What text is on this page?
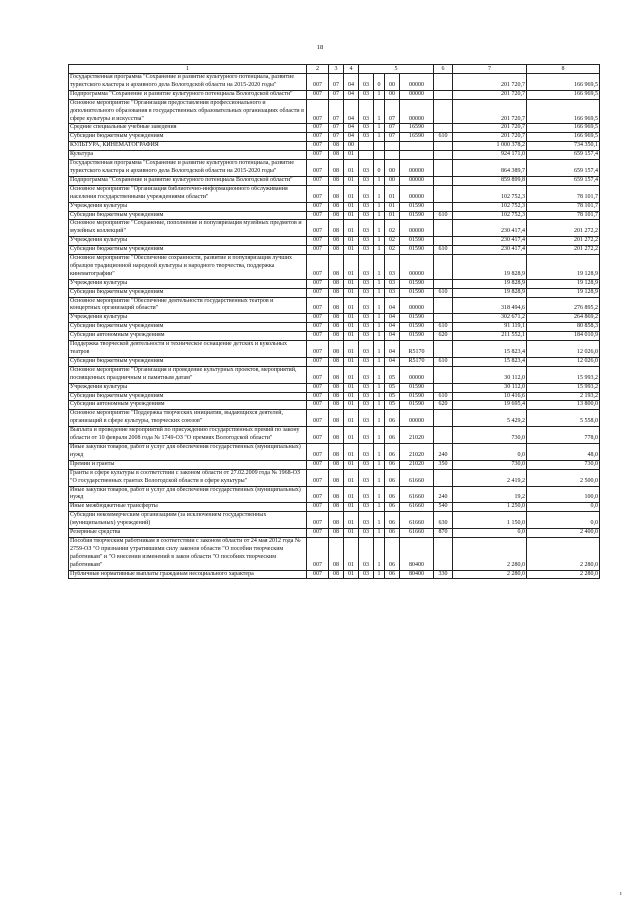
18
1	2	3	4	5				6	7	8
Государственная программа "Сохранение и развитие культурного потенциала, развитие туристского кластера и архивного дела Вологодской области на 2015-2020 годы"	007	07	04	03	0	00	00000		201 720,7	166 969,5
Подпрограмма "Сохранение и развитие культурного потенциала Вологодской области"	007	07	04	03	1	00	00000		201 720,7	166 969,5
Основное мероприятие "Организация предоставления профессионального и дополнительного образования в государственных образовательных организациях области в сфере культуры и искусства"	007	07	04	03	1	07	00000		201 720,7	166 969,5
Средние специальные учебные заведения	007	07	04	03	1	07	16590		201 720,7	166 969,5
Субсидии бюджетным учреждениям	007	07	04	03	1	07	16590	610	201 720,7	166 969,5
КУЛЬТУРА, КИНЕМАТОГРАФИЯ	007	08	00						1 000 378,2	734 350,1
Культура	007	08	01						924 171,0	659 157,4
Государственная программа "Сохранение и развитие культурного потенциала, развитие туристского кластера и архивного дела Вологодской области на 2015-2020 годы"	007	08	01	03	0	00	00000		864 389,7	659 157,4
Подпрограмма "Сохранение и развитие культурного потенциала Вологодской области"	007	08	01	03	1	00	00000		859 899,8	659 157,4
Основное мероприятие "Организация библиотечно-информационного обслуживания населения государственными учреждениями области"	007	08	01	03	1	01	00000		102 752,3	78 101,7
Учреждения культуры	007	08	01	03	1	01	01590		102 752,3	78 101,7
Субсидии бюджетным учреждениям	007	08	01	03	1	01	01590	610	102 752,3	78 101,7
Основное мероприятие "Сохранение, пополнение и популяризация музейных предметов и музейных коллекций"	007	08	01	03	1	02	00000		230 417,4	201 272,2
Учреждения культуры	007	08	01	03	1	02	01590		230 417,4	201 272,2
Субсидии бюджетным учреждениям	007	08	01	03	1	02	01590	610	230 417,4	201 272,2
Основное мероприятие "Обеспечение сохранности, развитие и популяризация лучших образцов традиционной народной культуры и народного творчества, поддержка кинематографии"	007	08	01	03	1	03	00000		19 828,9	19 128,9
Учреждения культуры	007	08	01	03	1	03	01590		19 828,9	19 128,9
Субсидии бюджетным учреждениям	007	08	01	03	1	03	01590	610	19 828,9	19 128,9
Основное мероприятие "Обеспечение деятельности государственных театров и концертных организаций области"	007	08	01	03	1	04	00000		318 494,6	276 895,2
Учреждения культуры	007	08	01	03	1	04	01590		302 671,2	264 869,2
Субсидии бюджетным учреждениям	007	08	01	03	1	04	01590	610	91 119,1	80 858,3
Субсидии автономным учреждениям	007	08	01	03	1	04	01590	620	211 552,1	184 010,9
Поддержка творческой деятельности и техническое оснащение детских и кукольных театров	007	08	01	03	1	04	R5170		15 823,4	12 026,0
Субсидии бюджетным учреждениям	007	08	01	03	1	04	R5170	610	15 823,4	12 026,0
Основное мероприятие "Организация и проведение культурных проектов, мероприятий, посвященных праздничным и памятным датам"	007	08	01	03	1	05	00000		30 112,0	15 993,2
Учреждения культуры	007	08	01	03	1	05	01590		30 112,0	15 993,2
Субсидии бюджетным учреждениям	007	08	01	03	1	05	01590	610	10 416,6	2 193,2
Субсидии автономным учреждениям	007	08	01	03	1	05	01590	620	19 695,4	13 800,0
Основное мероприятие "Поддержка творческих инициатив, выдающихся деятелей, организаций в сфере культуры, творческих союзов"	007	08	01	03	1	06	00000		5 429,2	5 558,0
Выплата и проведение мероприятий по присуждению государственных премий по закону области от 10 февраля 2008 года № 1749-ОЗ "О премиях Вологодской области"	007	08	01	03	1	06	21020		730,0	778,0
Иные закупки товаров, работ и услуг для обеспечения государственных (муниципальных) нужд	007	08	01	03	1	06	21020	240	0,0	48,0
Премии и гранты	007	08	01	03	1	06	21020	350	730,0	730,0
Гранты в сфере культуры в соответствии с законом области от 27.02.2009 года № 1968-ОЗ "О государственных грантах Вологодской области в сфере культуры"	007	08	01	03	1	06	61660		2 419,2	2 500,0
Иные закупки товаров, работ и услуг для обеспечения государственных (муниципальных) нужд	007	08	01	03	1	06	61660	240	19,2	100,0
Иные межбюджетные трансферты	007	08	01	03	1	06	61660	540	1 250,0	0,0
Субсидии некоммерческим организациям (за исключением государственных (муниципальных) учреждений)	007	08	01	03	1	06	61660	630	1 150,0	0,0
Резервные средства	007	08	01	03	1	06	61660	870	0,0	2 400,0
Пособия творческим работникам в соответствии с законом области от 24 мая 2012 года № 2759-ОЗ "О признании утратившими силу законов области "О пособии творческим работникам" и "О внесении изменений в закон области "О пособиях творческим работникам"	007	08	01	03	1	06	80400		2 280,0	2 280,0
Публичные нормативные выплаты гражданам несоциального характера	007	08	01	03	1	06	80400	330	2 280,0	2 280,0
ı
